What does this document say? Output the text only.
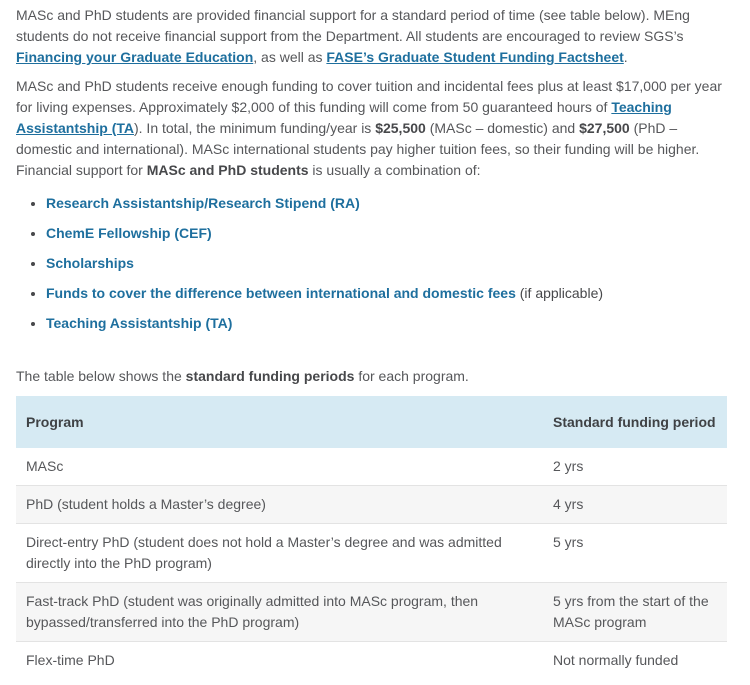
MASc and PhD students are provided financial support for a standard period of time (see table below). MEng students do not receive financial support from the Department. All students are encouraged to review SGS’s Financing your Graduate Education, as well as FASE’s Graduate Student Funding Factsheet.

MASc and PhD students receive enough funding to cover tuition and incidental fees plus at least $17,000 per year for living expenses. Approximately $2,000 of this funding will come from 50 guaranteed hours of Teaching Assistantship (TA). In total, the minimum funding/year is $25,500 (MASc – domestic) and $27,500 (PhD – domestic and international). MASc international students pay higher tuition fees, so their funding will be higher. Financial support for MASc and PhD students is usually a combination of:

• Research Assistantship/Research Stipend (RA)
• ChemE Fellowship (CEF)
• Scholarships
• Funds to cover the difference between international and domestic fees (if applicable)
• Teaching Assistantship (TA)

The table below shows the standard funding periods for each program.

Program	Standard funding period
MASc	2 yrs
PhD (student holds a Master’s degree)	4 yrs
Direct-entry PhD (student does not hold a Master’s degree and was admitted directly into the PhD program)	5 yrs
Fast-track PhD (student was originally admitted into MASc program, then bypassed/transferred into the PhD program)	5 yrs from the start of the MASc program
Flex-time PhD	Not normally funded
